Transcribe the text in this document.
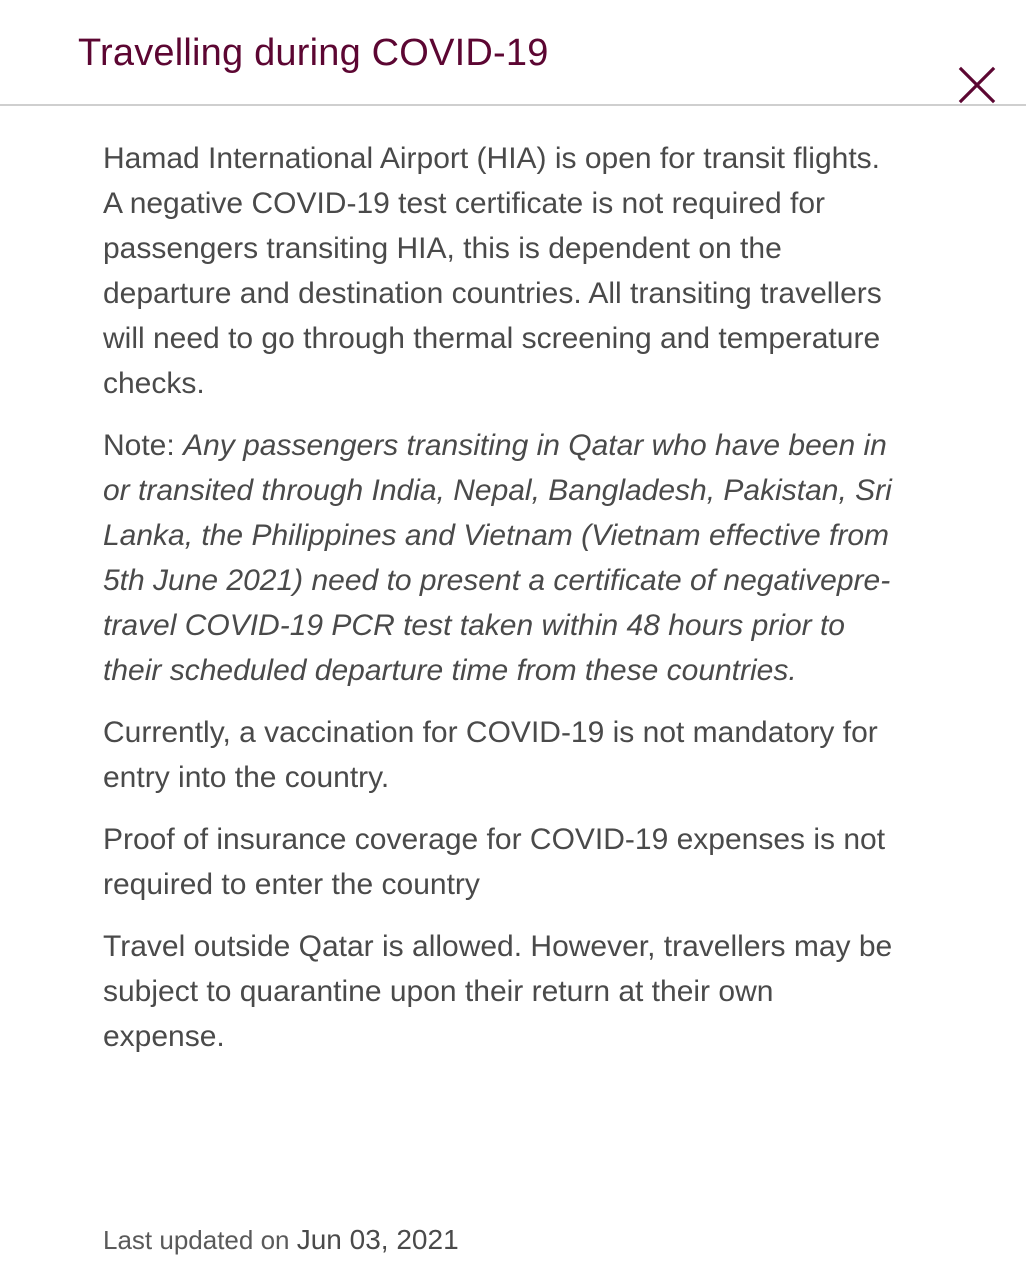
Travelling during COVID-19

Hamad International Airport (HIA) is open for transit flights. A negative COVID-19 test certificate is not required for passengers transiting HIA, this is dependent on the departure and destination countries. All transiting travellers will need to go through thermal screening and temperature checks.

Note: Any passengers transiting in Qatar who have been in or transited through India, Nepal, Bangladesh, Pakistan, Sri Lanka, the Philippines and Vietnam (Vietnam effective from 5th June 2021) need to present a certificate of negativepre-travel COVID-19 PCR test taken within 48 hours prior to their scheduled departure time from these countries.

Currently, a vaccination for COVID-19 is not mandatory for entry into the country.

Proof of insurance coverage for COVID-19 expenses is not required to enter the country

Travel outside Qatar is allowed. However, travellers may be subject to quarantine upon their return at their own expense.

Last updated on Jun 03, 2021
